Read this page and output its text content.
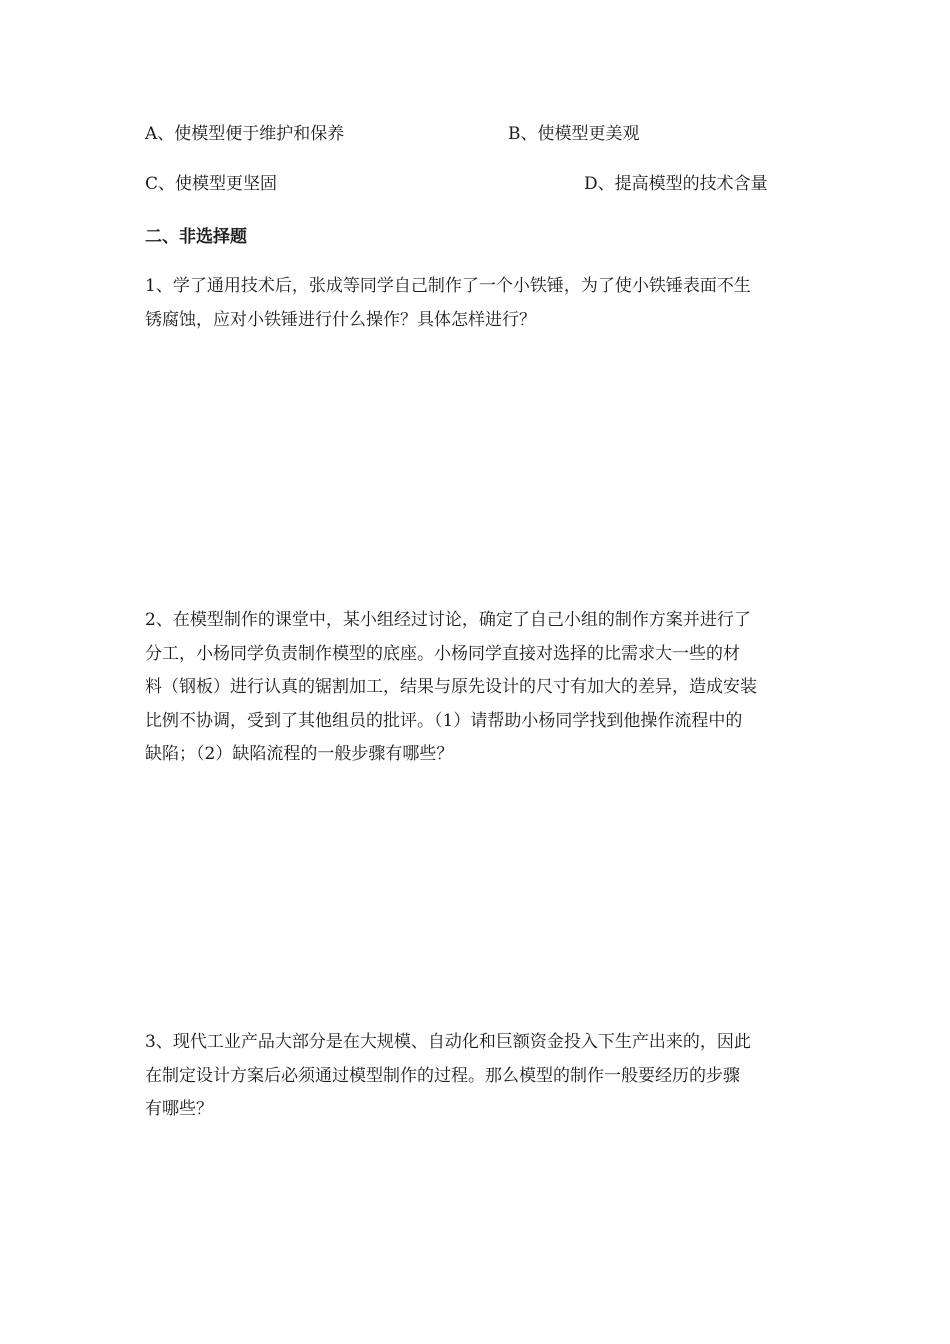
A、使模型便于维护和保养	B、使模型更美观
C、使模型更坚固	D、提高模型的技术含量
二、非选择题

1、学了通用技术后，张成等同学自己制作了一个小铁锤，为了使小铁锤表面不生

锈腐蚀，应对小铁锤进行什么操作？具体怎样进行？

2、在模型制作的课堂中，某小组经过讨论，确定了自己小组的制作方案并进行了

分工，小杨同学负责制作模型的底座。小杨同学直接对选择的比需求大一些的材

料（钢板）进行认真的锯割加工，结果与原先设计的尺寸有加大的差异，造成安装

比例不协调，受到了其他组员的批评。（1）请帮助小杨同学找到他操作流程中的

缺陷；（2）缺陷流程的一般步骤有哪些？

3、现代工业产品大部分是在大规模、自动化和巨额资金投入下生产出来的，因此

在制定设计方案后必须通过模型制作的过程。那么模型的制作一般要经历的步骤

有哪些？
